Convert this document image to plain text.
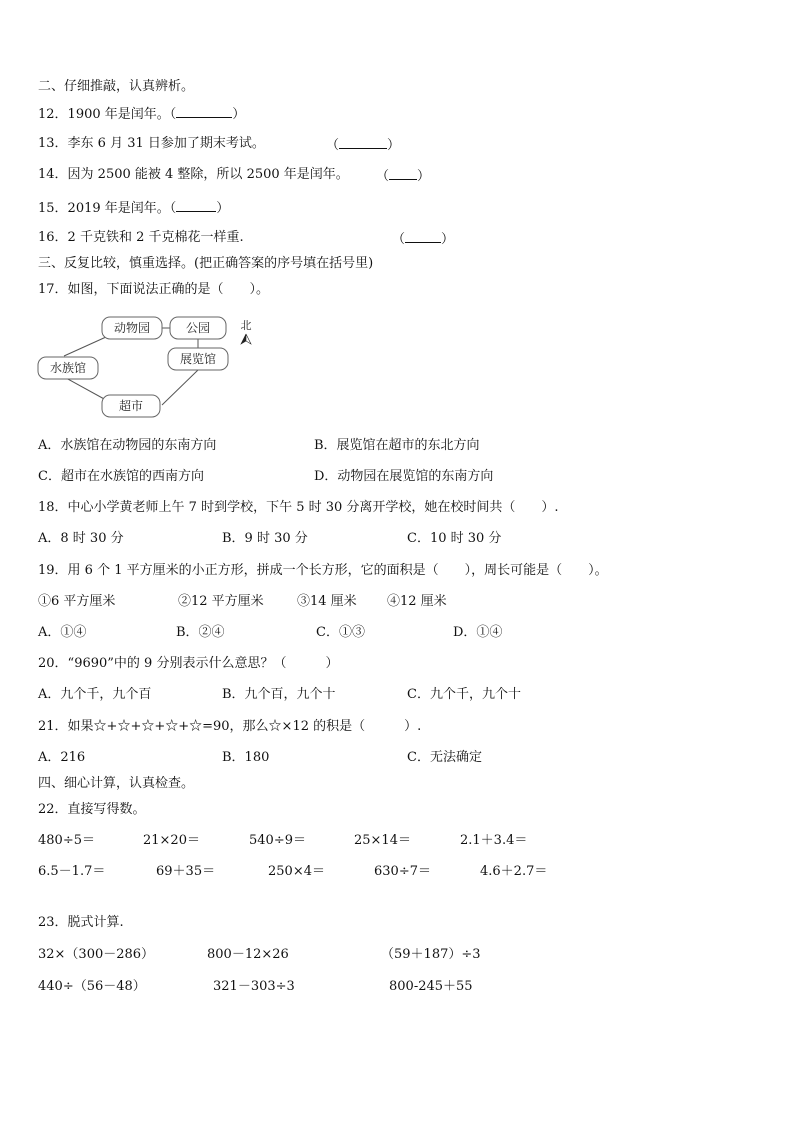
二、仔细推敲，认真辨析。
12．1900 年是闰年。（	）
13．李东 6 月 31 日参加了期末考试。	（	）
14．因为 2500 能被 4 整除，所以 2500 年是闰年。 （ ）
15．2019 年是闰年。（	）
16．2 千克铁和 2 千克棉花一样重.	（	）
三、反复比较，慎重选择。(把正确答案的序号填在括号里)
17．如图，下面说法正确的是（　　）。
动物园	公园
展览馆
水族馆
超市
北
A．水族馆在动物园的东南方向	B．展览馆在超市的东北方向
C．超市在水族馆的西南方向	D．动物园在展览馆的东南方向
18．中心小学黄老师上午 7 时到学校，下午 5 时 30 分离开学校，她在校时间共（　　）.
A．8 时 30 分	B．9 时 30 分	C．10 时 30 分
19．用 6 个 1 平方厘米的小正方形，拼成一个长方形，它的面积是（　　），周长可能是（　　）。
①6 平方厘米	②12 平方厘米	③14 厘米 ④12 厘米
A．①④	B．②④	C．①③	D．①④
20．“9690”中的 9 分别表示什么意思？（　　　）
A．九个千，九个百	B．九个百，九个十	C．九个千，九个十
21．如果☆+☆+☆+☆+☆=90，那么☆×12 的积是（　　　）.
A．216	B．180	C．无法确定
四、细心计算，认真检查。
22．直接写得数。
480÷5＝	21×20＝	540÷9＝	25×14＝	2.1＋3.4＝
6.5－1.7＝	69＋35＝	250×4＝	630÷7＝	4.6＋2.7＝
23．脱式计算.
32×（300－286）	800－12×26	（59＋187）÷3
440÷（56－48）	321－303÷3	800-245＋55
